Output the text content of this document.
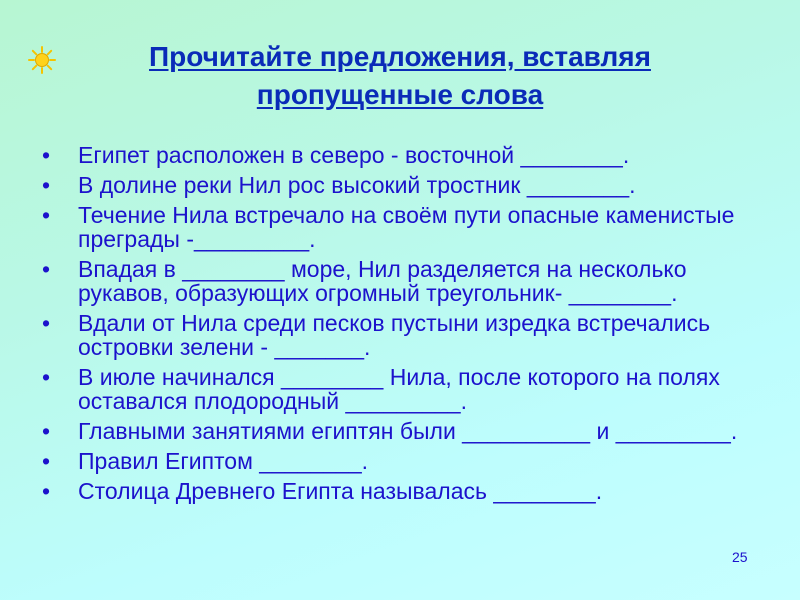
Прочитайте предложения, вставляя
пропущенные слова
• Египет расположен в северо - восточной ________.
• В долине реки Нил рос высокий тростник ________.
• Течение Нила встречало на своём пути опасные каменистые преграды -_________.
• Впадая в ________ море, Нил разделяется на несколько рукавов, образующих огромный треугольник- ________.
• Вдали от Нила среди песков пустыни изредка встречались островки зелени - _______.
• В июле начинался ________ Нила, после которого на полях оставался плодородный _________.
• Главными занятиями египтян были __________ и _________.
• Правил Египтом ________.
• Столица Древнего Египта называлась ________.
25
